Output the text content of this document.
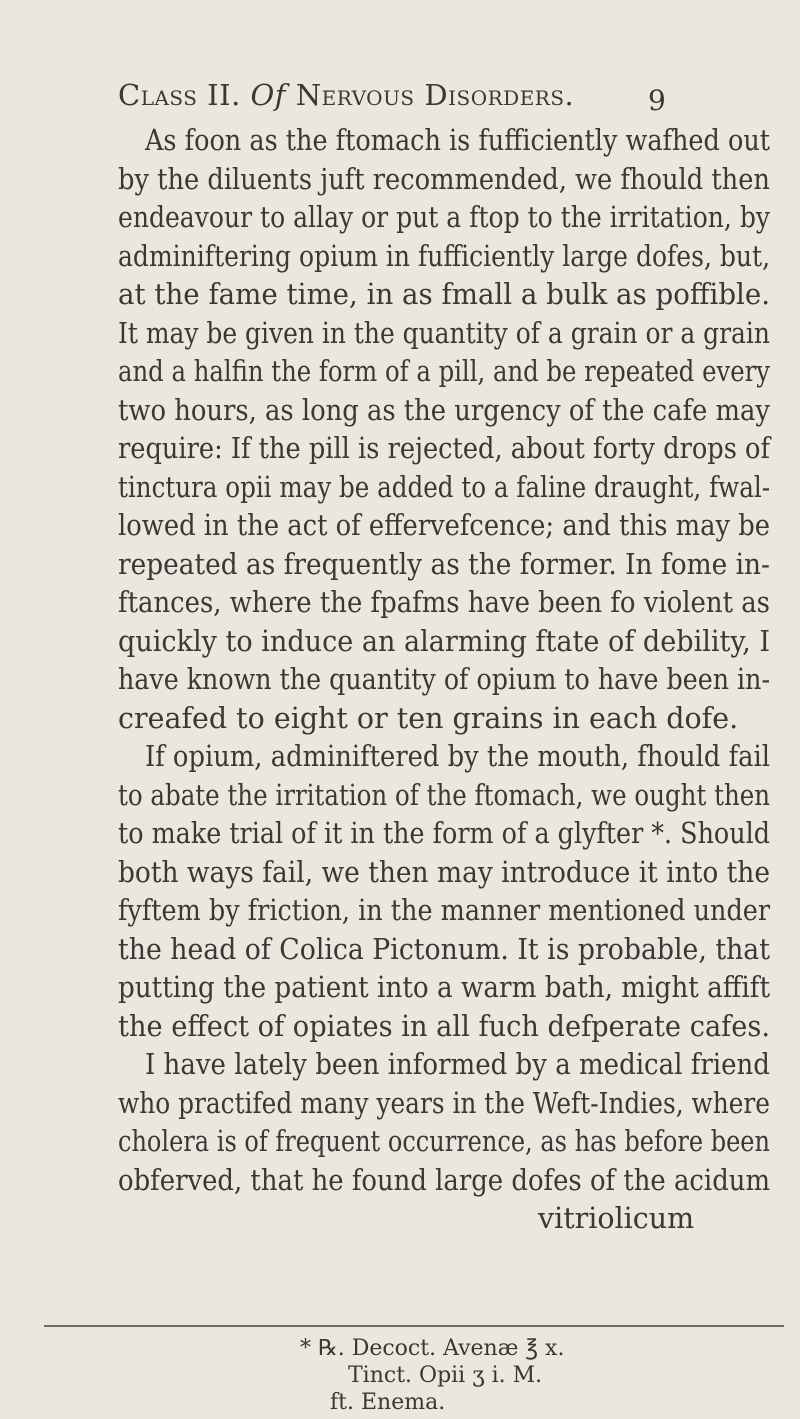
Class II. Of Nervous Disorders.	9
As foon as the ftomach is fufficiently wafhed out
by the diluents juft recommended, we fhould then
endeavour to allay or put a ftop to the irritation, by
adminiftering opium in fufficiently large dofes, but,
at the fame time, in as fmall a bulk as poffible.
It may be given in the quantity of a grain or a grain
and a halfin the form of a pill, and be repeated every
two hours, as long as the urgency of the cafe may
require: If the pill is rejected, about forty drops of
tinctura opii may be added to a faline draught, fwal-
lowed in the act of effervefcence; and this may be
repeated as frequently as the former. In fome in-
ftances, where the fpafms have been fo violent as
quickly to induce an alarming ftate of debility, I
have known the quantity of opium to have been in-
creafed to eight or ten grains in each dofe.
If opium, adminiftered by the mouth, fhould fail
to abate the irritation of the ftomach, we ought then
to make trial of it in the form of a glyfter *. Should
both ways fail, we then may introduce it into the
fyftem by friction, in the manner mentioned under
the head of Colica Pictonum. It is probable, that
putting the patient into a warm bath, might affift
the effect of opiates in all fuch defperate cafes.
I have lately been informed by a medical friend
who practifed many years in the Weft-Indies, where
cholera is of frequent occurrence, as has before been
obferved, that he found large dofes of the acidum
vitriolicum
* ℞. Decoct. Avenæ ℥ x.
Tinct. Opii ʒ i. M.
ft. Enema.
